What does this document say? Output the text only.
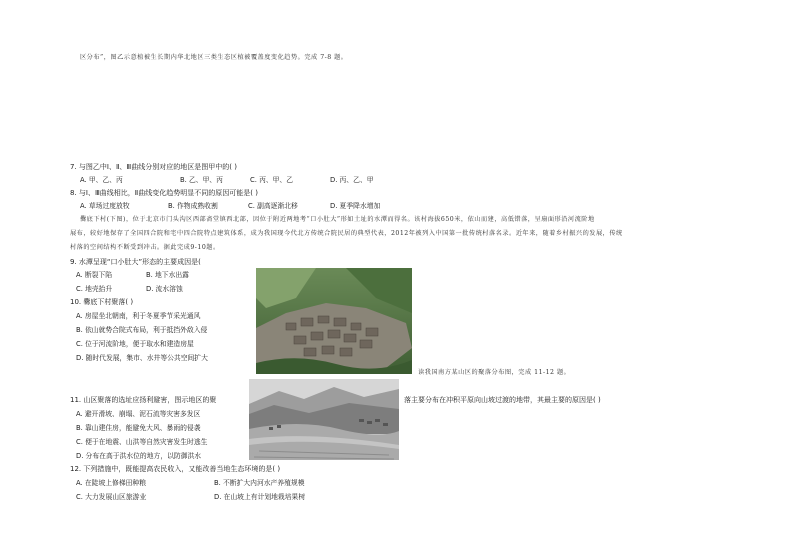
区分布”，图乙示意植被生长期内华北地区三类生态区植被覆盖度变化趋势。完成 7-8 题。
7. 与图乙中Ⅰ、Ⅱ、Ⅲ曲线分别对应的地区是图甲中的( )
A. 甲、乙、丙	B. 乙、甲、丙	C. 丙、甲、乙	D. 丙、乙、甲
8. 与Ⅰ、Ⅲ曲线相比，Ⅱ曲线变化趋势明显不同的原因可能是( )
A. 草场过度放牧	B. 作物成熟收割	C. 副高逐渐北移	D. 夏季降水增加
爨底下村(下图)，位于北京市门头沟区西部斋堂镇西北部，因位于附近两地考“口小肚大”形如土址的水潭而得名。该村海拔650米，依山而建，高低错落，呈扇面形沿河流阶地
展布，较好地保存了全国四合院和宅中四合院特点建筑体系，成为我国现今代北方传统合院民居的典型代表，2012年被列入中国第一批传统村落名录。近年来，随着乡村振兴的发展，传统
村落的空间结构不断受到冲击。据此完成9-10题。
9. 水潭呈现“口小肚大”形态的主要成因是(
A. 断裂下陷	B. 地下水出露
C. 地壳抬升	D. 流水溶蚀
10. 爨底下村聚落( )
A. 房屋坐北朝南，利于冬夏季节采光通风
B. 依山就势合院式布局，利于抵挡外敌入侵
C. 位于河流阶地，便于取水和建造房屋
D. 随时代发展，集市、水井等公共空间扩大
读我国南方某山区的聚落分布图，完成 11-12 题。
11. 山区聚落的选址应扬利避害，图示地区的聚	落主要分布在冲积平原向山坡过渡的地带，其最主要的原因是( )
A. 避开滑坡、崩塌、泥石流等灾害多发区
B. 靠山建住房，能避免大风、暴雨的侵袭
C. 便于在地震、山洪等自然灾害发生时逃生
D. 分布在高于洪水位的地方，以防御洪水
12. 下列措施中，既能提高农民收入，又能改善当地生态环境的是( )
A. 在陡坡上修梯田种粮	B. 不断扩大内河水产养殖规模
C. 大力发展山区旅游业	D. 在山坡上有计划地栽培果树
